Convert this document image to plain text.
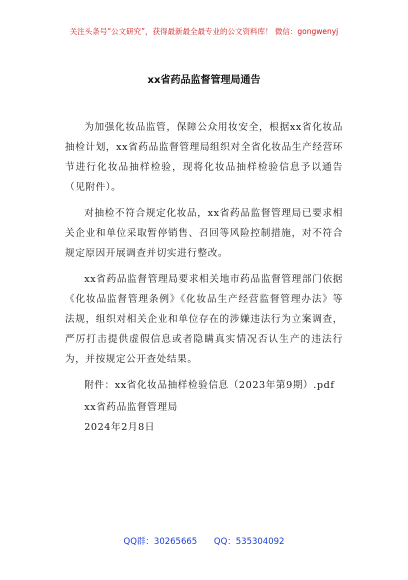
关注头条号“公文研究”，获得最新最全最专业的公文资料库！ 微信：gongwenyj
xx省药品监督管理局通告

为加强化妆品监管，保障公众用妆安全，根据xx省化妆品抽检计划，xx省药品监督管理局组织对全省化妆品生产经营环节进行化妆品抽样检验，现将化妆品抽样检验信息予以通告（见附件）。

对抽检不符合规定化妆品，xx省药品监督管理局已要求相关企业和单位采取暂停销售、召回等风险控制措施，对不符合规定原因开展调查并切实进行整改。

xx省药品监督管理局要求相关地市药品监督管理部门依据《化妆品监督管理条例》《化妆品生产经营监督管理办法》等法规，组织对相关企业和单位存在的涉嫌违法行为立案调查，严厉打击提供虚假信息或者隐瞒真实情况否认生产的违法行为，并按规定公开查处结果。

附件：xx省化妆品抽样检验信息（2023年第9期）.pdf

xx省药品监督管理局

2024年2月8日

QQ群：30265665 QQ：535304092
